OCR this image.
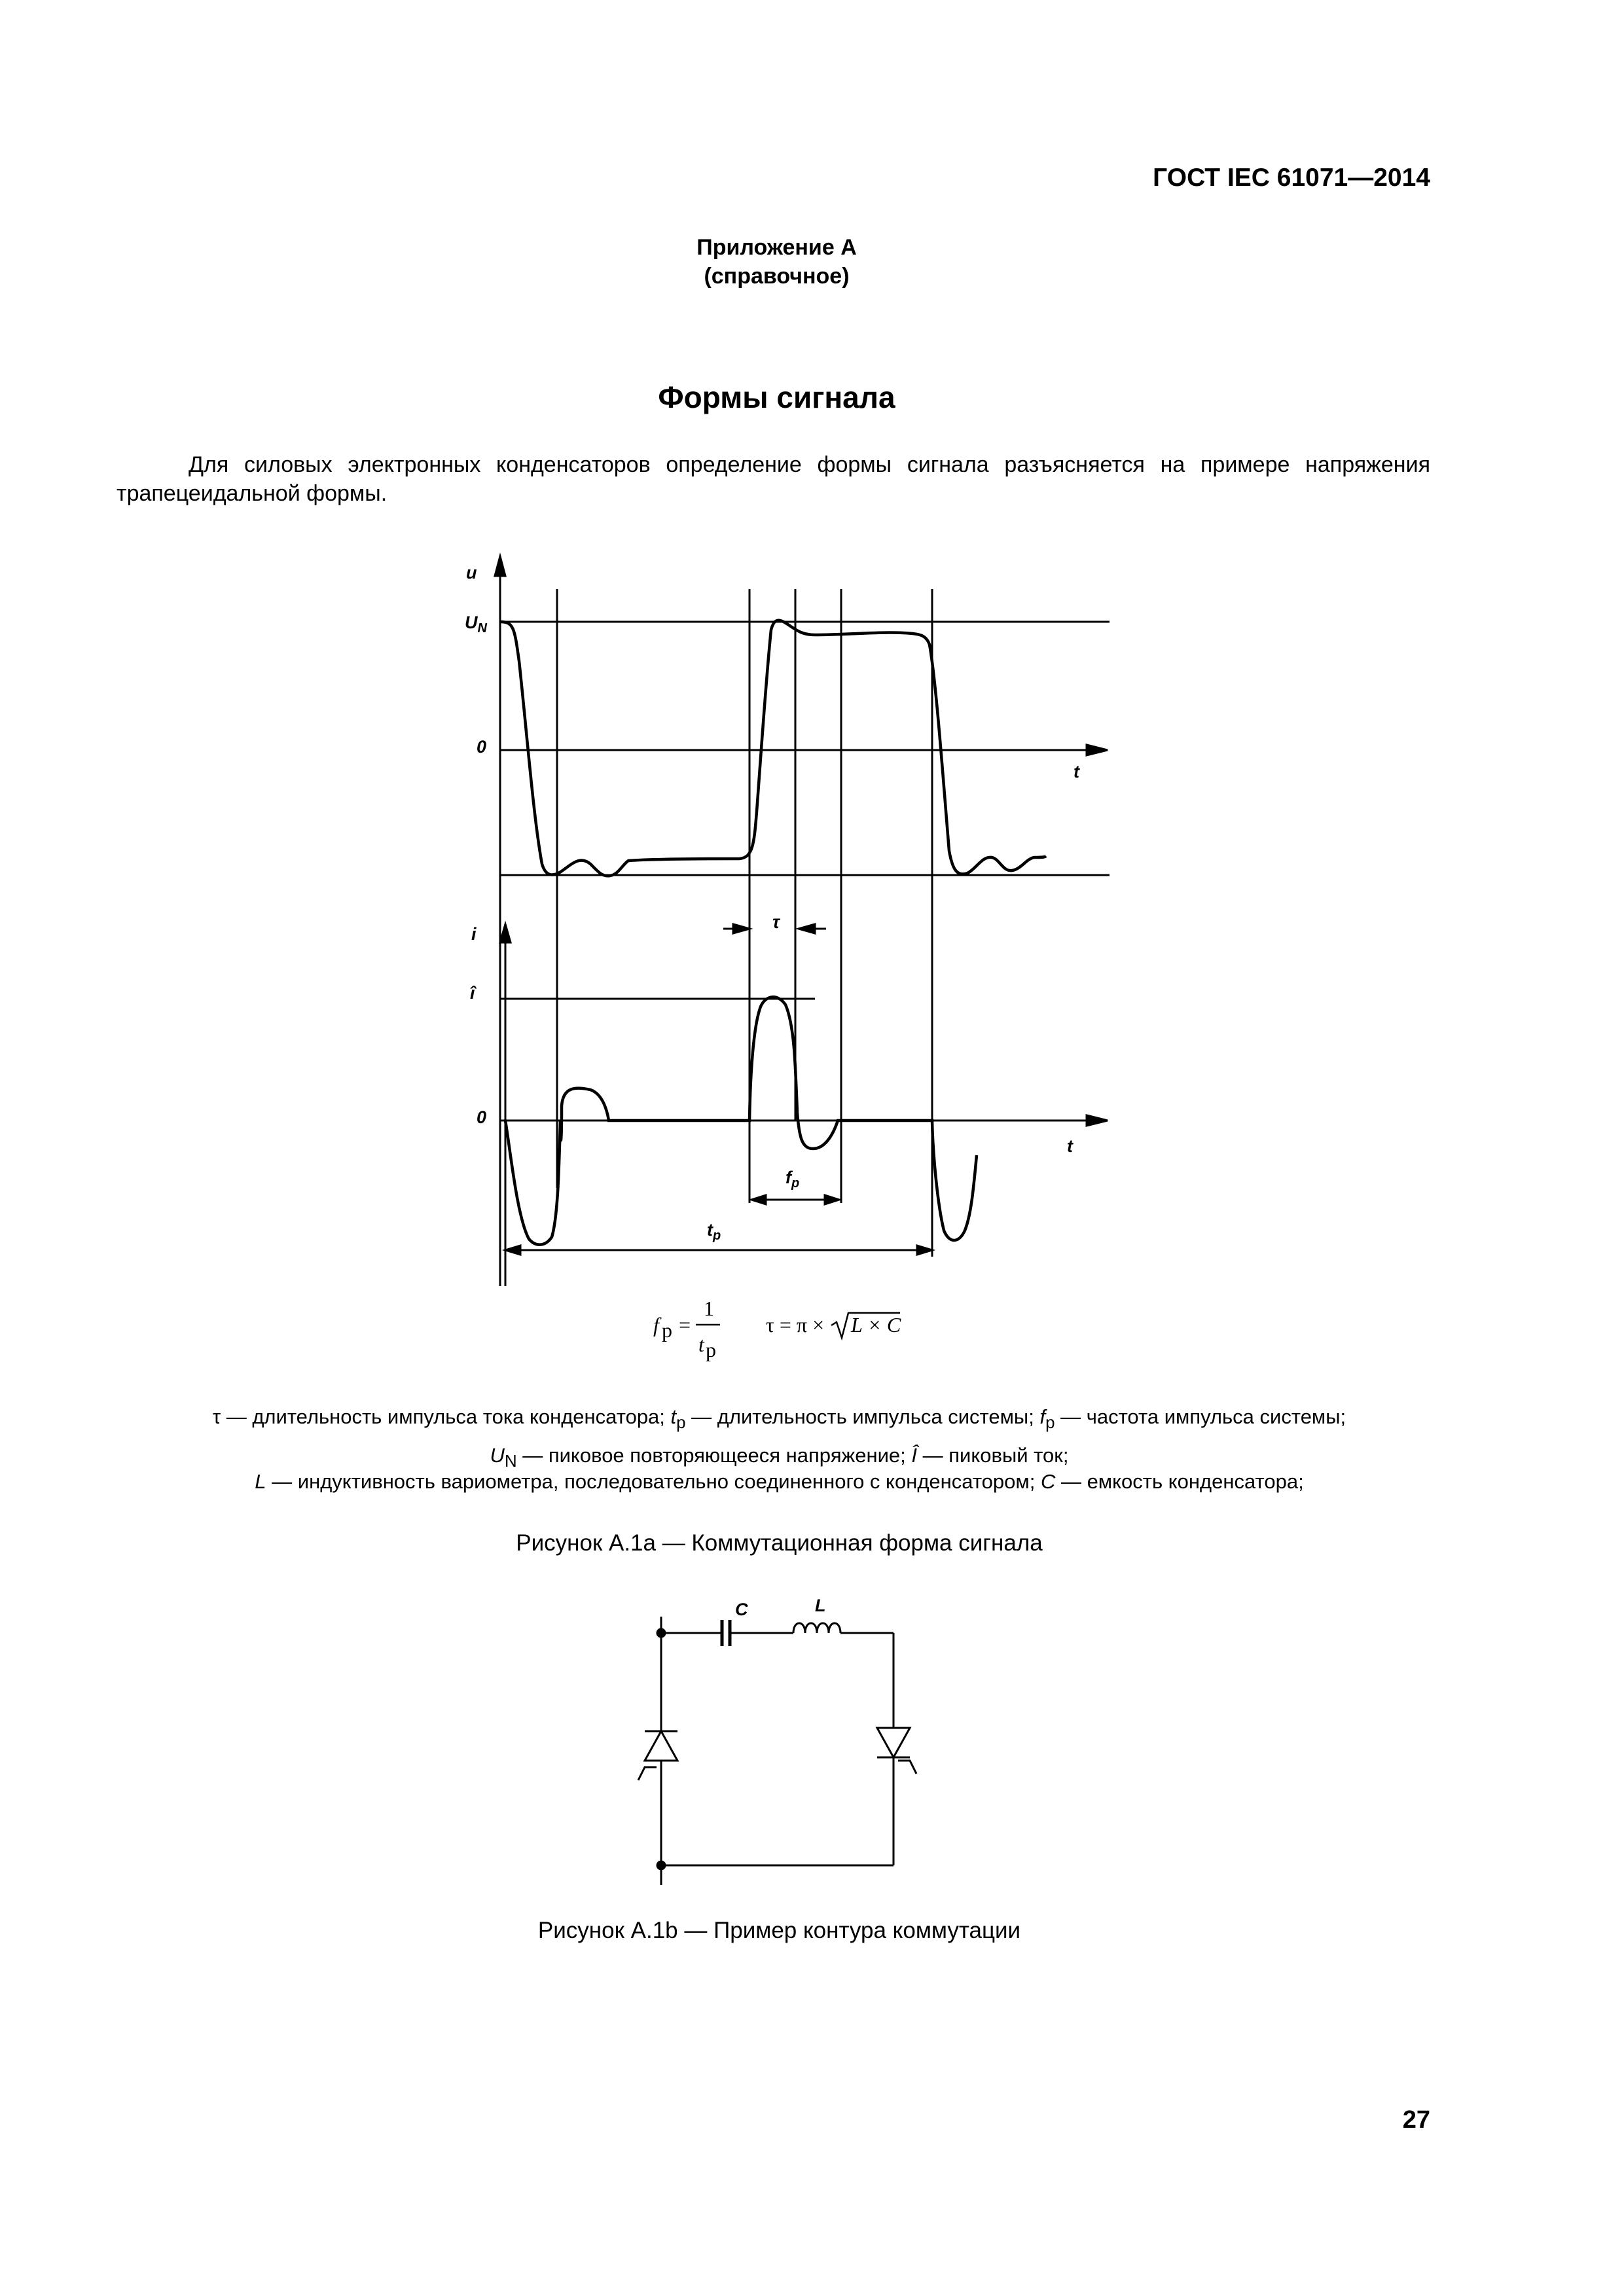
ГОСТ IEC 61071—2014
Приложение А
(справочное)
Формы сигнала
Для силовых электронных конденсаторов определение формы сигнала разъясняется на примере напряжения трапецеидальной формы.
u
$U_N$
0
t
i
î
0
t
τ
$f_p$
$t_p$
f p =
1
t p
τ = π × L × C
τ — длительность импульса тока конденсатора; $t_p$ — длительность импульса системы; $f_p$ — частота импульса системы;
$U_N$ — пиковое повторяющееся напряжение; Î — пиковый ток;
L — индуктивность вариометра, последовательно соединенного с конденсатором; C — емкость конденсатора;
Рисунок А.1а — Коммутационная форма сигнала
C	L
Рисунок А.1b — Пример контура коммутации
27
